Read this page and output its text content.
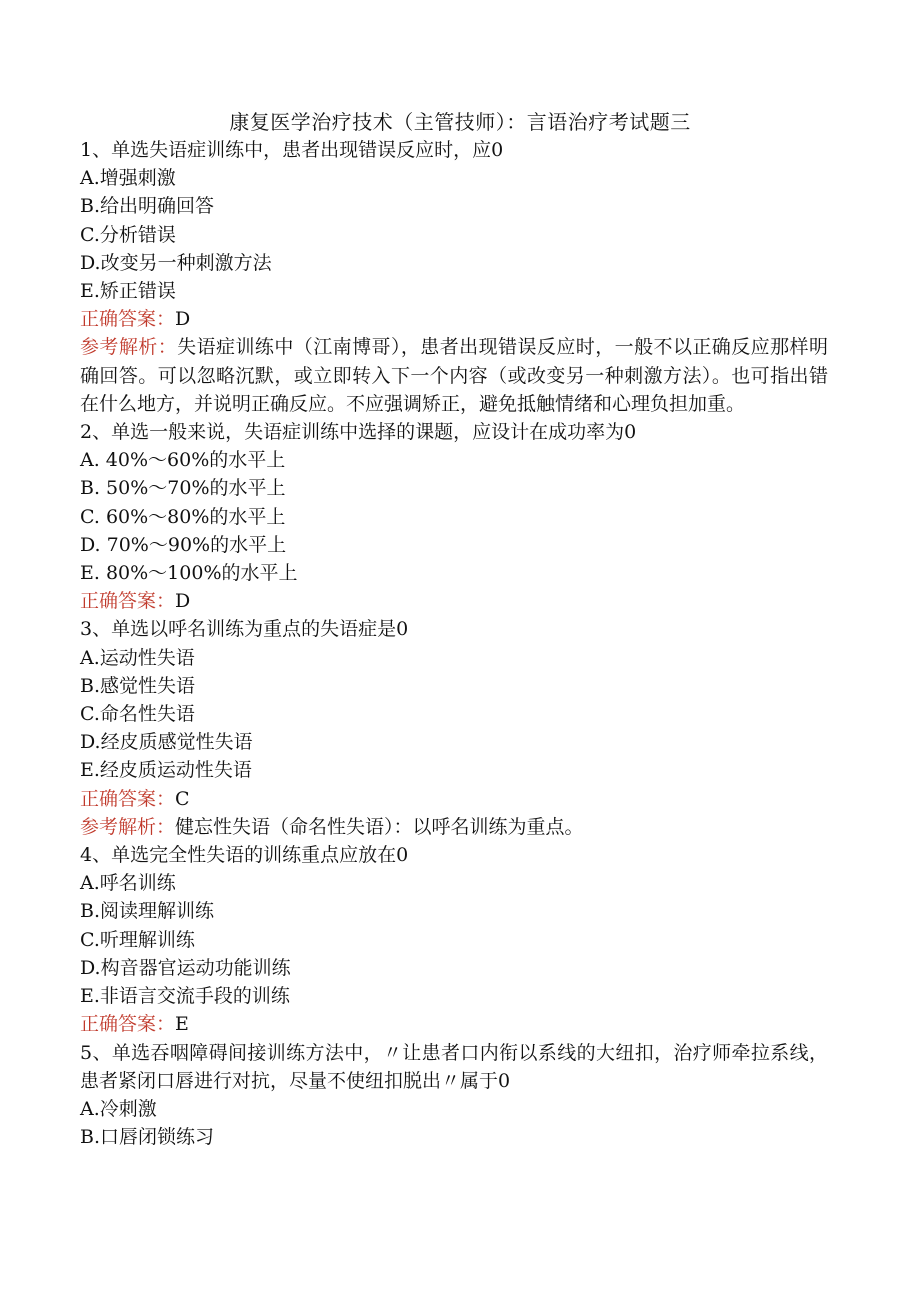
康复医学治疗技术（主管技师）：言语治疗考试题三
1、单选失语症训练中，患者出现错误反应时，应0
A.增强刺激
B.给出明确回答
C.分析错误
D.改变另一种刺激方法
E.矫正错误
正确答案：D
参考解析：失语症训练中（江南博哥），患者出现错误反应时，一般不以正确反应那样明确回答。可以忽略沉默，或立即转入下一个内容（或改变另一种刺激方法）。也可指出错在什么地方，并说明正确反应。不应强调矫正，避免抵触情绪和心理负担加重。
2、单选一般来说，失语症训练中选择的课题，应设计在成功率为0
A. 40%～60%的水平上
B. 50%～70%的水平上
C. 60%～80%的水平上
D. 70%～90%的水平上
E. 80%～100%的水平上
正确答案：D
3、单选以呼名训练为重点的失语症是0
A.运动性失语
B.感觉性失语
C.命名性失语
D.经皮质感觉性失语
E.经皮质运动性失语
正确答案：C
参考解析：健忘性失语（命名性失语）：以呼名训练为重点。
4、单选完全性失语的训练重点应放在0
A.呼名训练
B.阅读理解训练
C.听理解训练
D.构音器官运动功能训练
E.非语言交流手段的训练
正确答案：E
5、单选吞咽障碍间接训练方法中，〃让患者口内衔以系线的大纽扣，治疗师牵拉系线，患者紧闭口唇进行对抗，尽量不使纽扣脱出〃属于0
A.冷刺激
B.口唇闭锁练习
